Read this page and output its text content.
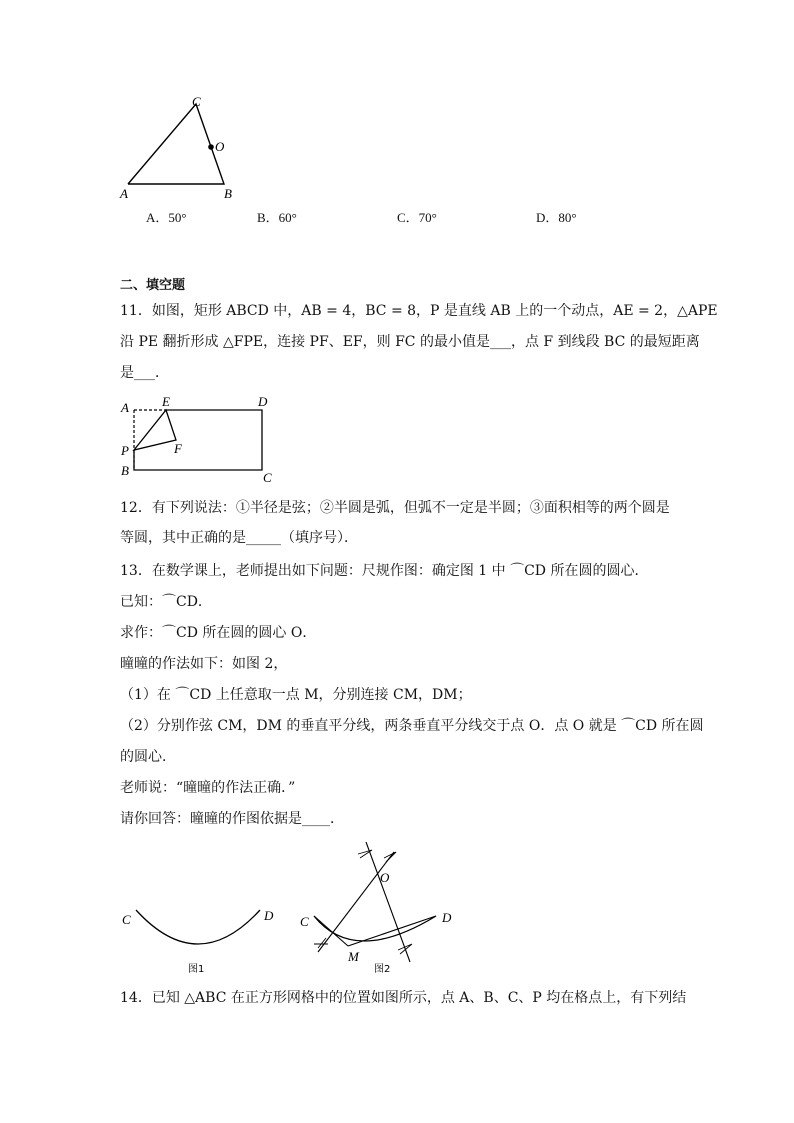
A	B
C
O
A．50°	B．60°	C．70°	D．80°
二、填空题
11．如图，矩形 ABCD 中，AB = 4，BC = 8，P 是直线 AB 上的一个动点，AE = 2，△APE
沿 PE 翻折形成 △FPE，连接 PF、EF，则 FC 的最小值是___，点 F 到线段 BC 的最短距离
是___．
A	E	D
P	F
B	C
12．有下列说法：①半径是弦；②半圆是弧，但弧不一定是半圆；③面积相等的两个圆是
等圆，其中正确的是_____（填序号）．
13．在数学课上，老师提出如下问题：尺规作图：确定图 1 中 ⌒CD 所在圆的圆心．
已知：⌒CD．
求作：⌒CD 所在圆的圆心 O．
曈曈的作法如下：如图 2，
（1）在 ⌒CD 上任意取一点 M，分别连接 CM，DM；
（2）分别作弦 CM，DM 的垂直平分线，两条垂直平分线交于点 O．点 O 就是 ⌒CD 所在圆
的圆心．
老师说：“曈曈的作法正确．”
请你回答：曈曈的作图依据是____．
C	D
图1
O
C	D
M
图2
14．已知 △ABC 在正方形网格中的位置如图所示，点 A、B、C、P 均在格点上，有下列结
